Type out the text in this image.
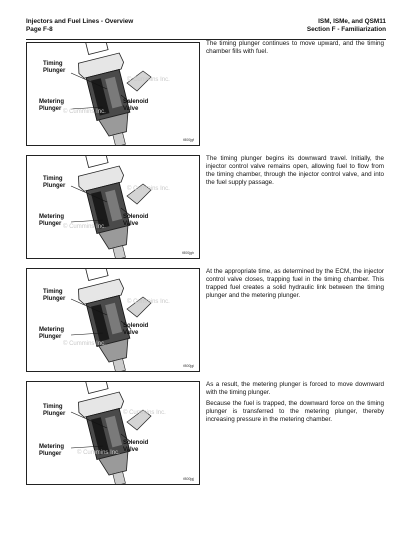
Injectors and Fuel Lines - Overview
Page F-8
ISM, ISMe, and QSM11
Section F - Familiarization
Timing
Plunger
Metering
Plunger
Solenoid
Valve
© Cummins Inc.
© Cummins Inc.
f800jgf
The timing plunger continues to move upward, and the timing chamber fills with fuel.
Timing
Plunger
Metering
Plunger
Solenoid
Valve
© Cummins Inc.
© Cummins Inc.
f800jgh
The timing plunger begins its downward travel. Initially, the injector control valve remains open, allowing fuel to flow from the timing chamber, through the injector control valve, and into the fuel supply passage.
Timing
Plunger
Metering
Plunger
Solenoid
Valve
© Cummins Inc.
© Cummins Inc.
f800jgi
At the appropriate time, as determined by the ECM, the injector control valve closes, trapping fuel in the timing chamber. This trapped fuel creates a solid hydraulic link between the timing plunger and the metering plunger.
Timing
Plunger
Metering
Plunger
Solenoid
Valve
© Cummins Inc.
© Cummins Inc.
f800jgj
As a result, the metering plunger is forced to move downward with the timing plunger.
Because the fuel is trapped, the downward force on the timing plunger is transferred to the metering plunger, thereby increasing pressure in the metering chamber.
